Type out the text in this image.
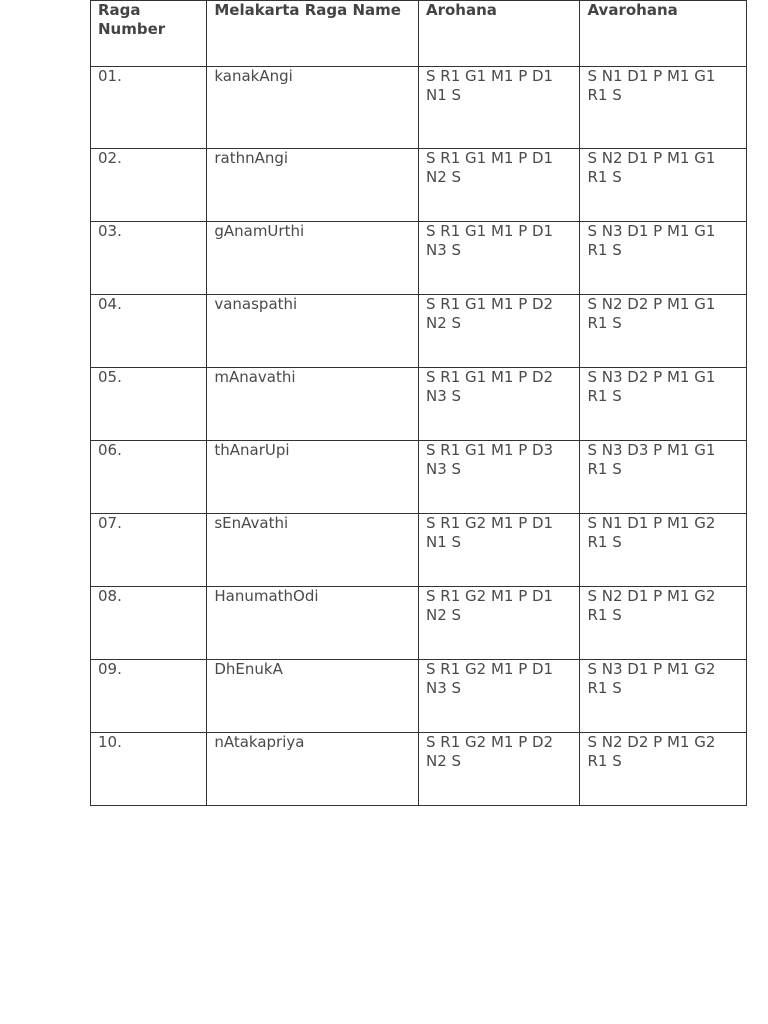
Raga
Number	Melakarta Raga Name	Arohana	Avarohana
01.	kanakAngi	S R1 G1 M1 P D1 N1 S	S N1 D1 P M1 G1 R1 S
02.	rathnAngi	S R1 G1 M1 P D1 N2 S	S N2 D1 P M1 G1 R1 S
03.	gAnamUrthi	S R1 G1 M1 P D1 N3 S	S N3 D1 P M1 G1 R1 S
04.	vanaspathi	S R1 G1 M1 P D2 N2 S	S N2 D2 P M1 G1 R1 S
05.	mAnavathi	S R1 G1 M1 P D2 N3 S	S N3 D2 P M1 G1 R1 S
06.	thAnarUpi	S R1 G1 M1 P D3 N3 S	S N3 D3 P M1 G1 R1 S
07.	sEnAvathi	S R1 G2 M1 P D1 N1 S	S N1 D1 P M1 G2 R1 S
08.	HanumathOdi	S R1 G2 M1 P D1 N2 S	S N2 D1 P M1 G2 R1 S
09.	DhEnukA	S R1 G2 M1 P D1 N3 S	S N3 D1 P M1 G2 R1 S
10.	nAtakapriya	S R1 G2 M1 P D2 N2 S	S N2 D2 P M1 G2 R1 S
